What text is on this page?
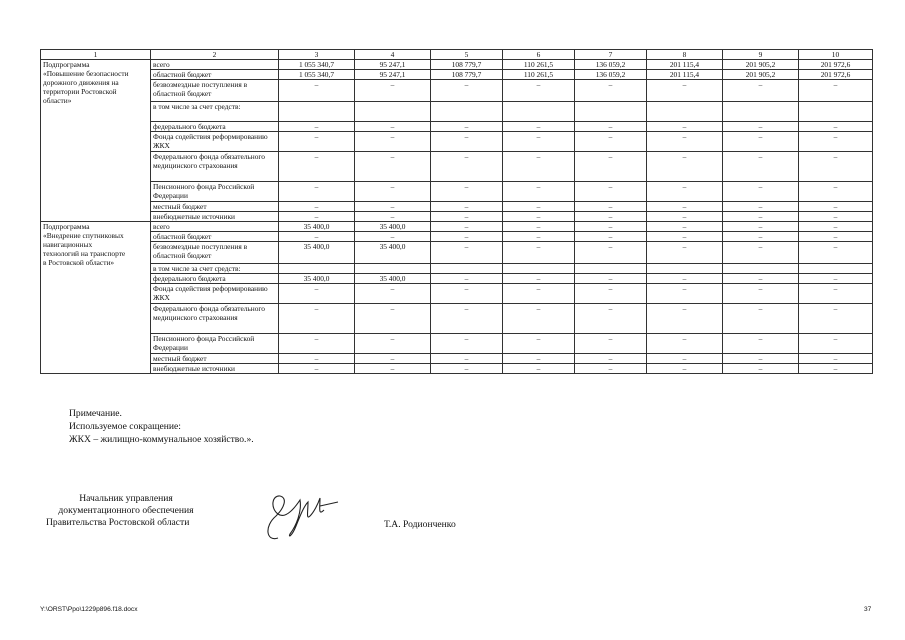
1	2	3	4	5	6	7	8	9	10

Подпрограмма
«Повышение безопасности
дорожного движения на
территории Ростовской
области»	всего	1 055 340,7	95 247,1	108 779,7	110 261,5	136 059,2	201 115,4	201 905,2	201 972,6
	областной бюджет	1 055 340,7	95 247,1	108 779,7	110 261,5	136 059,2	201 115,4	201 905,2	201 972,6
	безвозмездные поступления в областной бюджет	–	–	–	–	–	–	–	–
	в том числе за счет средств:								
	федерального бюджета	–	–	–	–	–	–	–	–
	Фонда содействия реформированию ЖКХ	–	–	–	–	–	–	–	–
	Федерального фонда обязательного медицинского страхования	–	–	–	–	–	–	–	–
	Пенсионного фонда Российской Федерации	–	–	–	–	–	–	–	–
	местный бюджет	–	–	–	–	–	–	–	–
	внебюджетные источники	–	–	–	–	–	–	–	–

Подпрограмма
«Внедрение спутниковых
навигационных
технологий на транспорте
в Ростовской области»	всего	35 400,0	35 400,0	–	–	–	–	–	–
	областной бюджет	–	–	–	–	–	–	–	–
	безвозмездные поступления в областной бюджет	35 400,0	35 400,0	–	–	–	–	–	–
	в том числе за счет средств:								
	федерального бюджета	35 400,0	35 400,0	–	–	–	–	–	–
	Фонда содействия реформированию ЖКХ	–	–	–	–	–	–	–	–
	Федерального фонда обязательного медицинского страхования	–	–	–	–	–	–	–	–
	Пенсионного фонда Российской Федерации	–	–	–	–	–	–	–	–
	местный бюджет	–	–	–	–	–	–	–	–
	внебюджетные источники	–	–	–	–	–	–	–	–
Примечание.
Используемое сокращение:
ЖКХ – жилищно-коммунальное хозяйство.».
Начальник управления
документационного обеспечения
Правительства Ростовской области	Т.А. Родионченко
Y:\ORST\Ppo\1229p896.f18.docx	37
